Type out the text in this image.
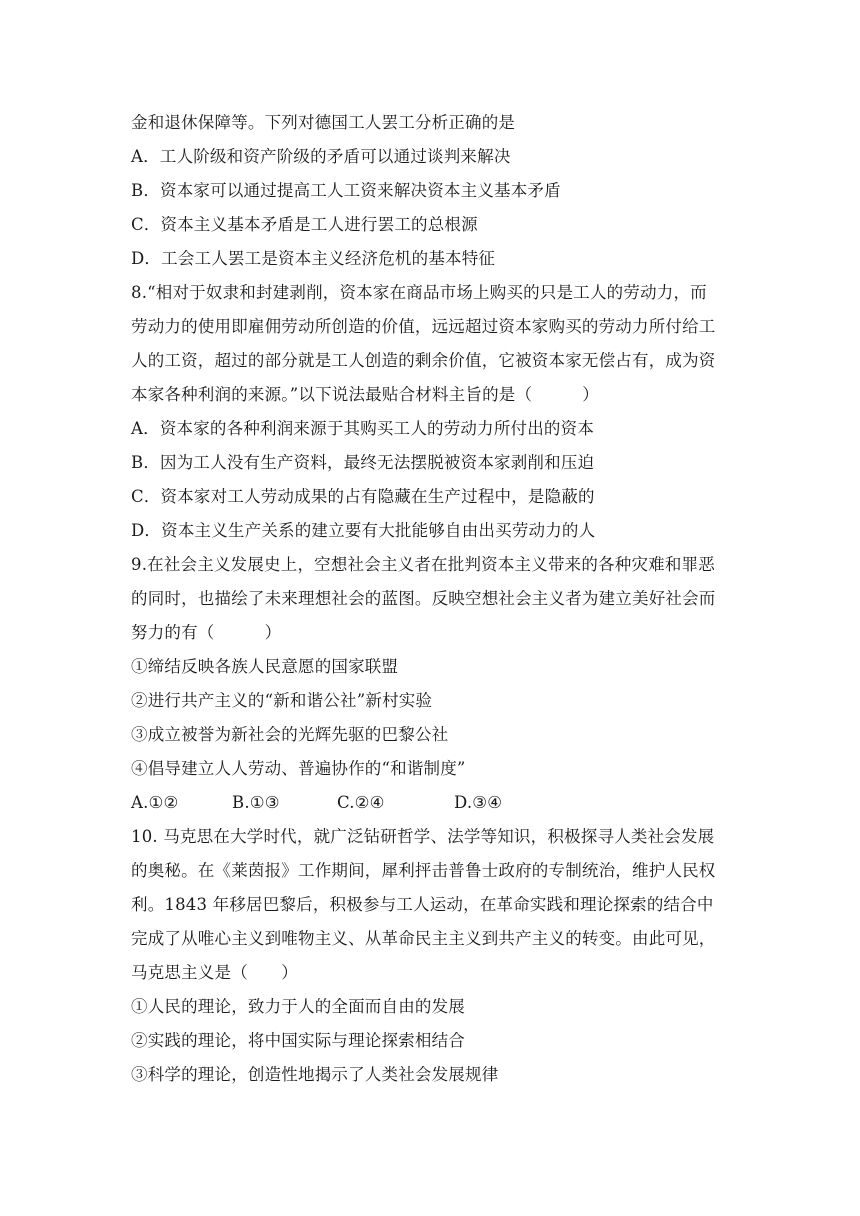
金和退休保障等。下列对德国工人罢工分析正确的是
A．工人阶级和资产阶级的矛盾可以通过谈判来解决
B．资本家可以通过提高工人工资来解决资本主义基本矛盾
C．资本主义基本矛盾是工人进行罢工的总根源
D．工会工人罢工是资本主义经济危机的基本特征
8.“相对于奴隶和封建剥削，资本家在商品市场上购买的只是工人的劳动力，而
劳动力的使用即雇佣劳动所创造的价值，远远超过资本家购买的劳动力所付给工
人的工资，超过的部分就是工人创造的剩余价值，它被资本家无偿占有，成为资
本家各种利润的来源。”以下说法最贴合材料主旨的是（　　　）
A．资本家的各种利润来源于其购买工人的劳动力所付出的资本
B．因为工人没有生产资料，最终无法摆脱被资本家剥削和压迫
C．资本家对工人劳动成果的占有隐藏在生产过程中，是隐蔽的
D．资本主义生产关系的建立要有大批能够自由出买劳动力的人
9.在社会主义发展史上，空想社会主义者在批判资本主义带来的各种灾难和罪恶
的同时，也描绘了未来理想社会的蓝图。反映空想社会主义者为建立美好社会而
努力的有（　　　）
①缔结反映各族人民意愿的国家联盟
②进行共产主义的“新和谐公社”新村实验
③成立被誉为新社会的光辉先驱的巴黎公社
④倡导建立人人劳动、普遍协作的“和谐制度”
A.①②	B.①③	C.②④	D.③④
10. 马克思在大学时代，就广泛钻研哲学、法学等知识，积极探寻人类社会发展
的奥秘。在《莱茵报》工作期间，犀利抨击普鲁士政府的专制统治，维护人民权
利。1843 年移居巴黎后，积极参与工人运动，在革命实践和理论探索的结合中
完成了从唯心主义到唯物主义、从革命民主主义到共产主义的转变。由此可见，
马克思主义是（　　）
①人民的理论，致力于人的全面而自由的发展
②实践的理论，将中国实际与理论探索相结合
③科学的理论，创造性地揭示了人类社会发展规律
